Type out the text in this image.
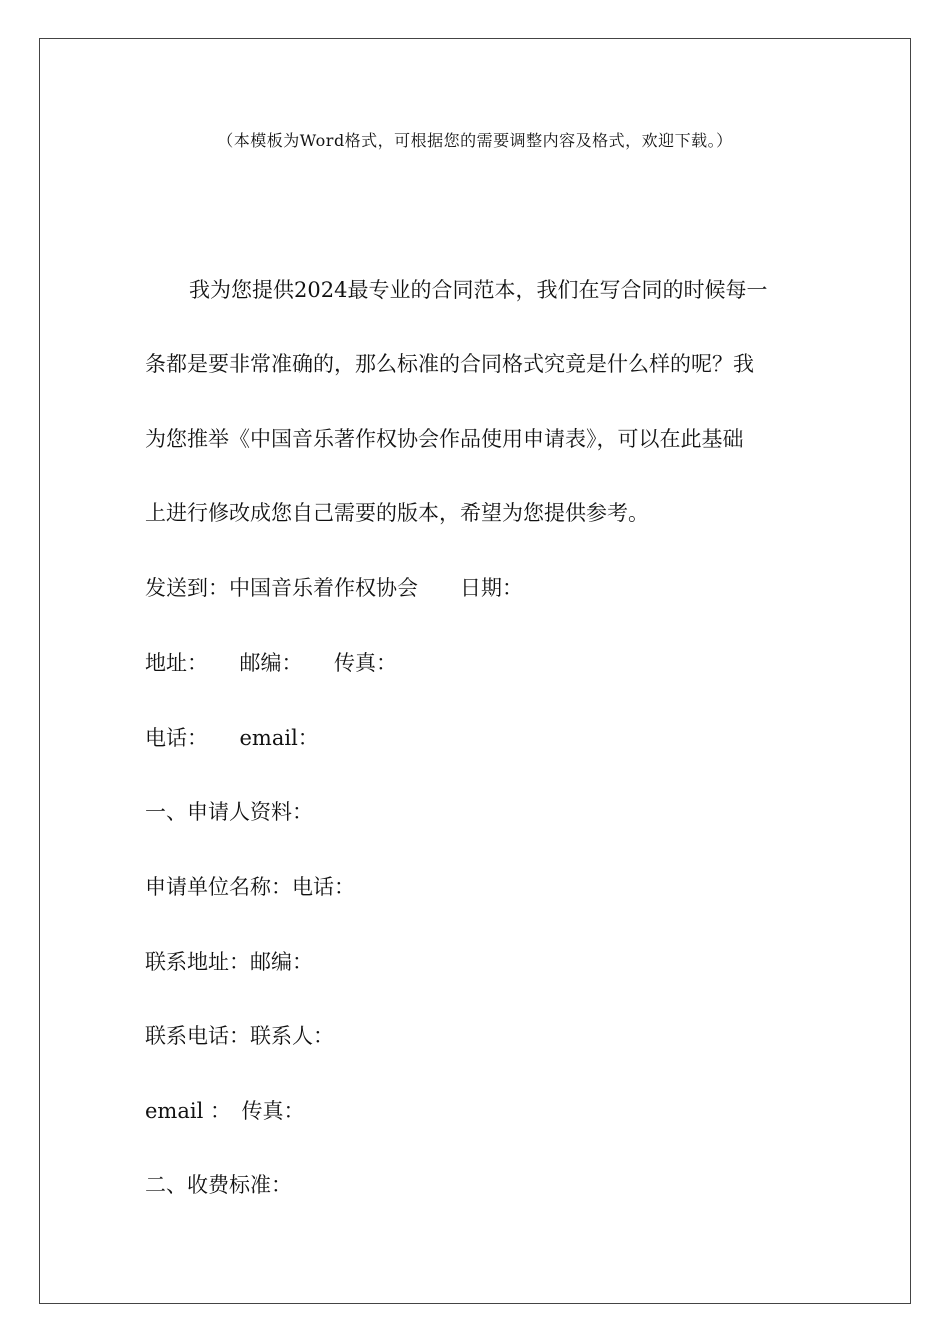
（本模板为Word格式，可根据您的需要调整内容及格式，欢迎下载。）
我为您提供2024最专业的合同范本，我们在写合同的时候每一
条都是要非常准确的，那么标准的合同格式究竟是什么样的呢？我
为您推举《中国音乐著作权协会作品使用申请表》，可以在此基础
上进行修改成您自己需要的版本，希望为您提供参考。
发送到：中国音乐着作权协会　　日期：
地址：　　邮编：　　传真：
电话：　　email：
一、申请人资料：
申请单位名称：电话：
联系地址：邮编：
联系电话：联系人：
email ：　传真：
二、收费标准：
